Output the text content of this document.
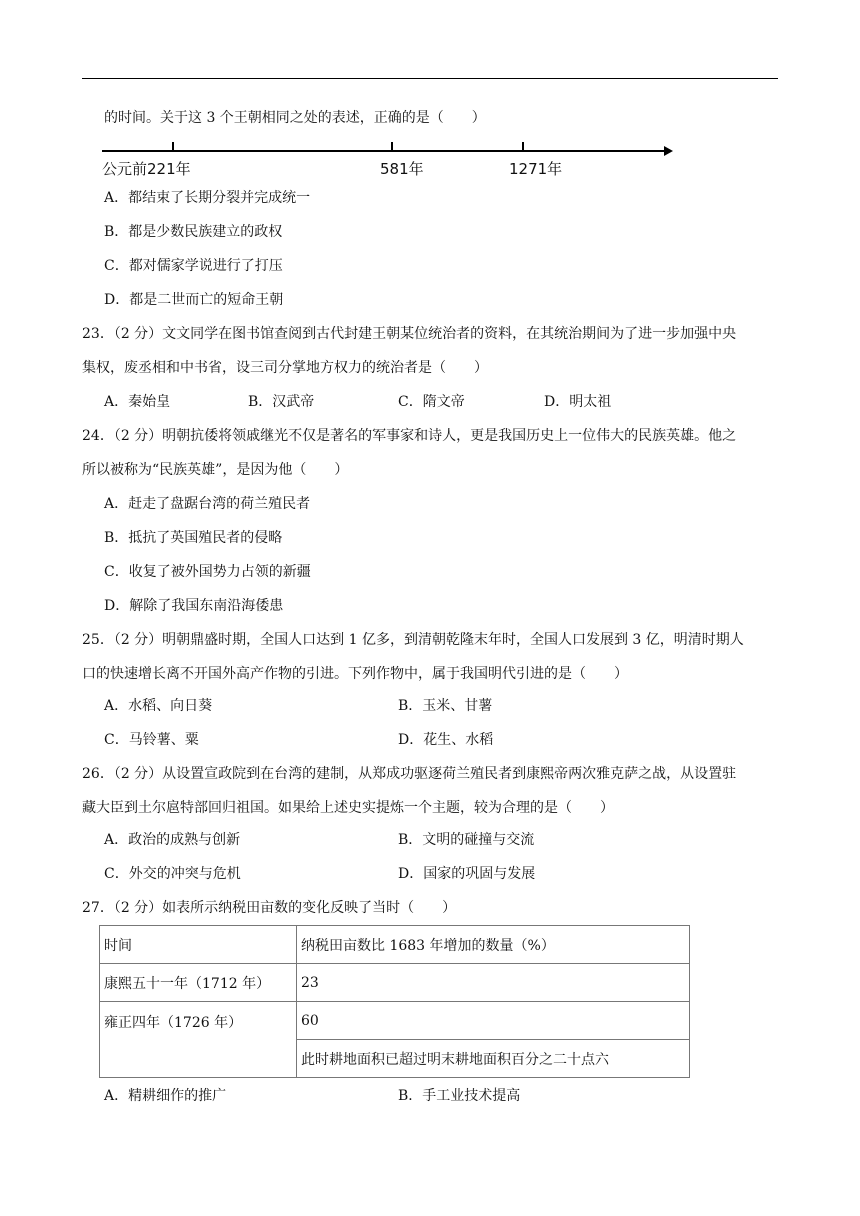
的时间。关于这 3 个王朝相同之处的表述，正确的是（　　）
公元前221年	581年	1271年
A．都结束了长期分裂并完成统一
B．都是少数民族建立的政权
C．都对儒家学说进行了打压
D．都是二世而亡的短命王朝
23．（2 分）文文同学在图书馆查阅到古代封建王朝某位统治者的资料，在其统治期间为了进一步加强中央
集权，废丞相和中书省，设三司分掌地方权力的统治者是（　　）
A．秦始皇	B．汉武帝	C．隋文帝	D．明太祖
24．（2 分）明朝抗倭将领戚继光不仅是著名的军事家和诗人，更是我国历史上一位伟大的民族英雄。他之
所以被称为“民族英雄”，是因为他（　　）
A．赶走了盘踞台湾的荷兰殖民者
B．抵抗了英国殖民者的侵略
C．收复了被外国势力占领的新疆
D．解除了我国东南沿海倭患
25．（2 分）明朝鼎盛时期，全国人口达到 1 亿多，到清朝乾隆末年时，全国人口发展到 3 亿，明清时期人
口的快速增长离不开国外高产作物的引进。下列作物中，属于我国明代引进的是（　　）
A．水稻、向日葵	B．玉米、甘薯
C．马铃薯、粟	D．花生、水稻
26．（2 分）从设置宣政院到在台湾的建制，从郑成功驱逐荷兰殖民者到康熙帝两次雅克萨之战，从设置驻
藏大臣到土尔扈特部回归祖国。如果给上述史实提炼一个主题，较为合理的是（　　）
A．政治的成熟与创新	B．文明的碰撞与交流
C．外交的冲突与危机	D．国家的巩固与发展
27．（2 分）如表所示纳税田亩数的变化反映了当时（　　）
时间	纳税田亩数比 1683 年增加的数量（%）
康熙五十一年（1712 年）	23
雍正四年（1726 年）	60
	此时耕地面积已超过明末耕地面积百分之二十点六
A．精耕细作的推广	B．手工业技术提高
